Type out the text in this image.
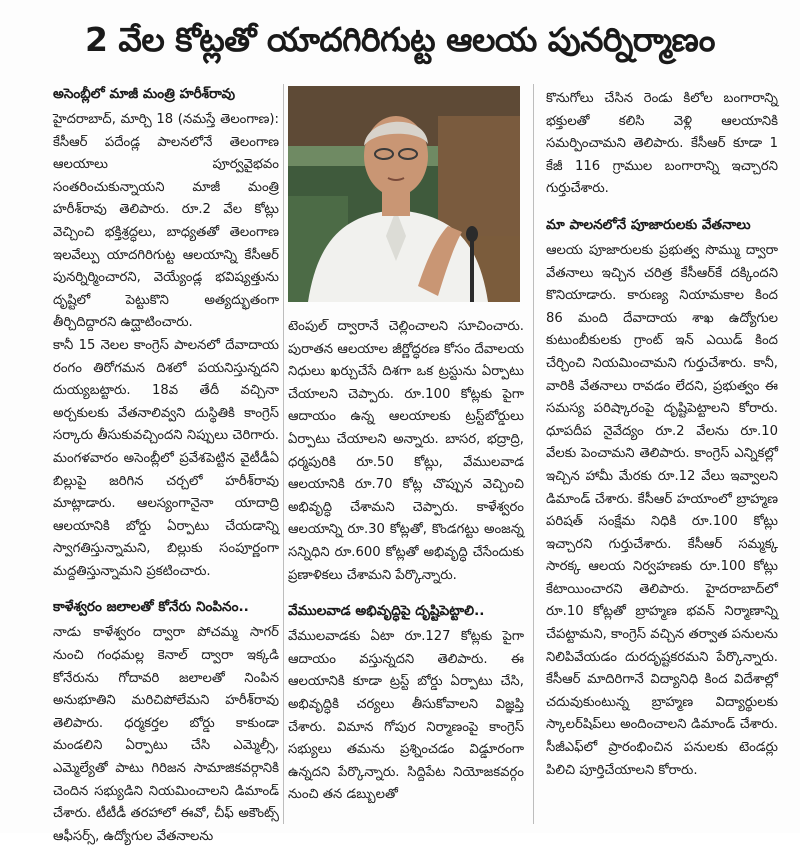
2 వేల కోట్లతో యాదగిరిగుట్ట ఆలయ పునర్నిర్మాణం
అసెంబ్లీలో మాజీ మంత్రి హరీశ్‌రావు

హైదరాబాద్, మార్చి 18 (నమస్తే తెలంగాణ): కేసీఆర్ పదేండ్ల పాలనలోనే తెలంగాణ ఆలయాలు పూర్వవైభవం సంతరించుకున్నాయని మాజీ మంత్రి హరీశ్‌రావు తెలిపారు. రూ.2 వేల కోట్లు వెచ్చించి భక్తిశ్రద్ధలు, బాధ్యతతో తెలంగాణ ఇలవేల్పు యాదగిరిగుట్ట ఆలయాన్ని కేసీఆర్ పునర్నిర్మించారని, వెయ్యేండ్ల భవిష్యత్తును దృష్టిలో పెట్టుకొని అత్యద్భుతంగా తీర్చిదిద్దారని ఉద్ఘాటించారు.

కానీ 15 నెలల కాంగ్రెస్ పాలనలో దేవాదాయ రంగం తిరోగమన దిశలో పయనిస్తున్నదని దుయ్యబట్టారు. 18వ తేదీ వచ్చినా అర్చకులకు వేతనాలివ్వని దుస్థితికి కాంగ్రెస్ సర్కారు తీసుకువచ్చిందని నిప్పులు చెరిగారు. మంగళవారం అసెంబ్లీలో ప్రవేశపెట్టిన వైటీడీఏ బిల్లుపై జరిగిన చర్చలో హరీశ్‌రావు మాట్లాడారు. ఆలస్యంగానైనా యాదాద్రి ఆలయానికి బోర్డు ఏర్పాటు చేయడాన్ని స్వాగతిస్తున్నామని, బిల్లుకు సంపూర్ణంగా మద్దతిస్తున్నామని ప్రకటించారు.

కాళేశ్వరం జలాలతో కోనేరు నింపినం..

నాడు కాళేశ్వరం ద్వారా పోచమ్మ సాగర్ నుంచి గంధమల్ల కెనాల్ ద్వారా ఇక్కడి కోనేరును గోదావరి జలాలతో నింపిన అనుభూతిని మరిచిపోలేమని హరీశ్‌రావు తెలిపారు. ధర్మకర్తల బోర్డు కాకుండా మండలిని ఏర్పాటు చేసి ఎమ్మెల్సీ, ఎమ్మెల్యేతో పాటు గిరిజన సామాజికవర్గానికి చెందిన సభ్యుడిని నియమించాలని డిమాండ్ చేశారు. టీటీడీ తరహాలో ఈవో, చీఫ్ అకౌంట్స్ ఆఫీసర్స్, ఉద్యోగుల వేతనాలను

టెంపుల్ ద్వారానే చెల్లించాలని సూచించారు. పురాతన ఆలయాల జీర్ణోద్ధరణ కోసం దేవాలయ నిధులు ఖర్చుచేసే దిశగా ఒక ట్రస్టును ఏర్పాటు చేయాలని చెప్పారు. రూ.100 కోట్లకు పైగా ఆదాయం ఉన్న ఆలయాలకు ట్రస్ట్‌బోర్డులు ఏర్పాటు చేయాలని అన్నారు. బాసర, భద్రాద్రి, ధర్మపురికి రూ.50 కోట్లు, వేములవాడ ఆలయానికి రూ.70 కోట్ల చొప్పున వెచ్చించి అభివృద్ధి చేశామని చెప్పారు. కాళేశ్వరం ఆలయాన్ని రూ.30 కోట్లతో, కొండగట్టు అంజన్న సన్నిధిని రూ.600 కోట్లతో అభివృద్ధి చేసేందుకు ప్రణాళికలు చేశామని పేర్కొన్నారు.

వేములవాడ అభివృద్ధిపై దృష్టిపెట్టాలి..

వేములవాడకు ఏటా రూ.127 కోట్లకు పైగా ఆదాయం వస్తున్నదని తెలిపారు. ఈ ఆలయానికి కూడా ట్రస్ట్ బోర్డు ఏర్పాటు చేసి, అభివృద్ధికి చర్యలు తీసుకోవాలని విజ్ఞప్తి చేశారు. విమాన గోపుర నిర్మాణంపై కాంగ్రెస్ సభ్యులు తమను ప్రశ్నించడం విడ్డూరంగా ఉన్నదని పేర్కొన్నారు. సిద్దిపేట నియోజకవర్గం నుంచి తన డబ్బులతో

కొనుగోలు చేసిన రెండు కిలోల బంగారాన్ని భక్తులతో కలిసి వెళ్లి ఆలయానికి సమర్పించామని తెలిపారు. కేసీఆర్ కూడా 1 కేజీ 116 గ్రాముల బంగారాన్ని ఇచ్చారని గుర్తుచేశారు.

మా పాలనలోనే పూజారులకు వేతనాలు

ఆలయ పూజారులకు ప్రభుత్వ సొమ్ము ద్వారా వేతనాలు ఇచ్చిన చరిత్ర కేసీఆర్‌కే దక్కిందని కొనియాడారు. కారుణ్య నియామకాల కింద 86 మంది దేవాదాయ శాఖ ఉద్యోగుల కుటుంబీకులకు గ్రాంట్ ఇన్ ఎయిడ్ కింద చేర్చించి నియమించామని గుర్తుచేశారు. కానీ, వారికి వేతనాలు రావడం లేదని, ప్రభుత్వం ఈ సమస్య పరిష్కారంపై దృష్టిపెట్టాలని కోరారు. ధూపదీప నైవేద్యం రూ.2 వేలను రూ.10 వేలకు పెంచామని తెలిపారు. కాంగ్రెస్ ఎన్నికల్లో ఇచ్చిన హామీ మేరకు రూ.12 వేలు ఇవ్వాలని డిమాండ్ చేశారు. కేసీఆర్ హయాంలో బ్రాహ్మణ పరిషత్ సంక్షేమ నిధికి రూ.100 కోట్లు ఇచ్చారని గుర్తుచేశారు. కేసీఆర్ సమ్మక్క సారక్క ఆలయ నిర్వహణకు రూ.100 కోట్లు కేటాయించారని తెలిపారు. హైదరాబాద్‌లో రూ.10 కోట్లతో బ్రాహ్మణ భవన్ నిర్మాణాన్ని చేపట్టామని, కాంగ్రెస్ వచ్చిన తర్వాత పనులను నిలిపివేయడం దురదృష్టకరమని పేర్కొన్నారు. కేసీఆర్ మాదిరిగానే విద్యానిధి కింద విదేశాల్లో చదువుకుంటున్న బ్రాహ్మణ విద్యార్థులకు స్కాలర్‌షిప్‌లు అందించాలని డిమాండ్ చేశారు. సీజీఎఫ్‌లో ప్రారంభించిన పనులకు టెండర్లు పిలిచి పూర్తిచేయాలని కోరారు.
